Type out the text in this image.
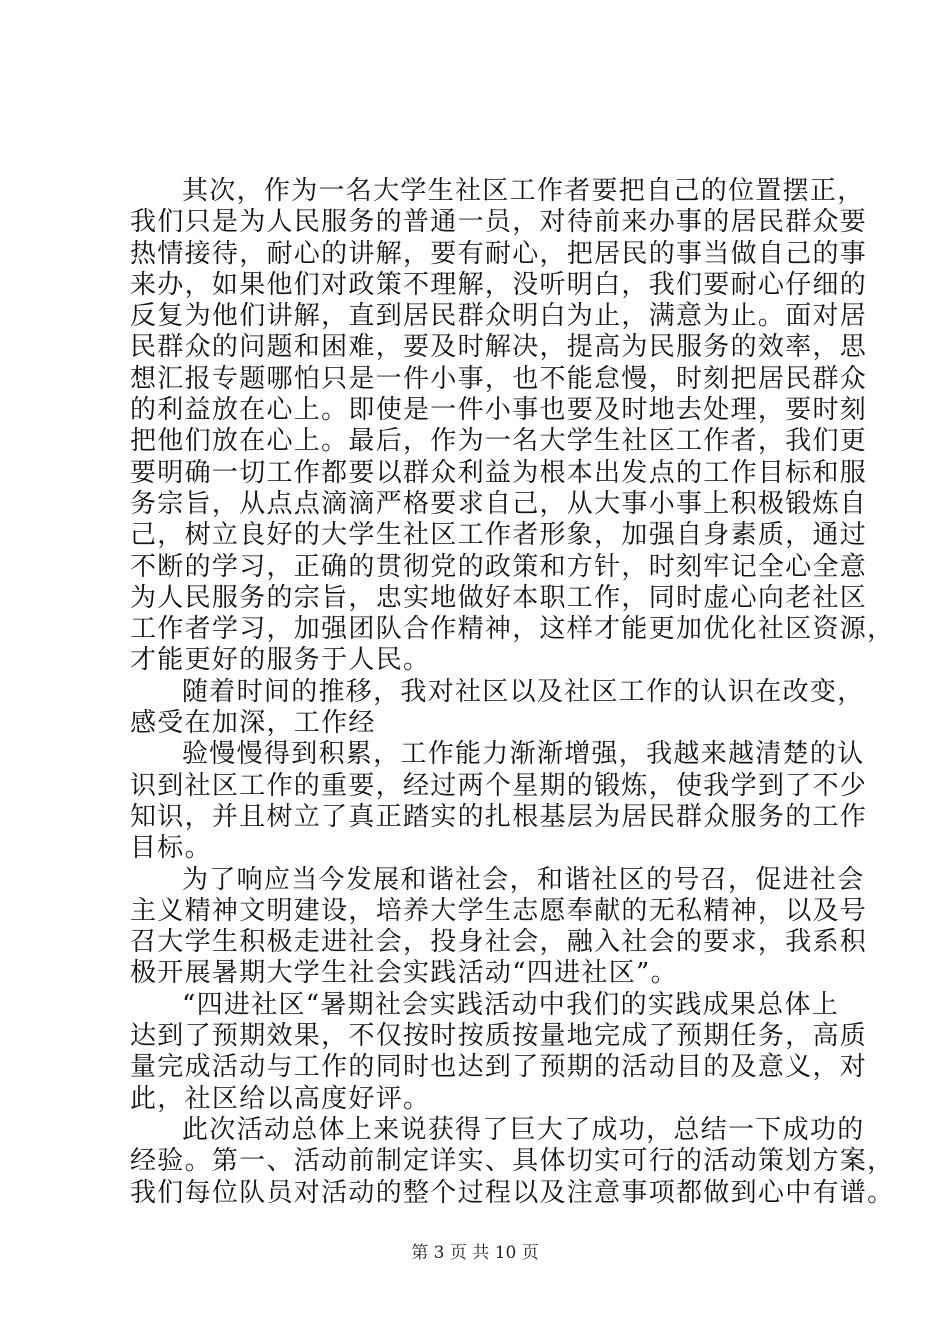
其次，作为一名大学生社区工作者要把自己的位置摆正，
我们只是为人民服务的普通一员，对待前来办事的居民群众要
热情接待，耐心的讲解，要有耐心，把居民的事当做自己的事
来办，如果他们对政策不理解，没听明白，我们要耐心仔细的
反复为他们讲解，直到居民群众明白为止，满意为止。面对居
民群众的问题和困难，要及时解决，提高为民服务的效率，思
想汇报专题哪怕只是一件小事，也不能怠慢，时刻把居民群众
的利益放在心上。即使是一件小事也要及时地去处理，要时刻
把他们放在心上。最后，作为一名大学生社区工作者，我们更
要明确一切工作都要以群众利益为根本出发点的工作目标和服
务宗旨，从点点滴滴严格要求自己，从大事小事上积极锻炼自
己，树立良好的大学生社区工作者形象，加强自身素质，通过
不断的学习，正确的贯彻党的政策和方针，时刻牢记全心全意
为人民服务的宗旨，忠实地做好本职工作，同时虚心向老社区
工作者学习，加强团队合作精神，这样才能更加优化社区资源，
才能更好的服务于人民。
随着时间的推移，我对社区以及社区工作的认识在改变，
感受在加深，工作经
验慢慢得到积累，工作能力渐渐增强，我越来越清楚的认
识到社区工作的重要，经过两个星期的锻炼，使我学到了不少
知识，并且树立了真正踏实的扎根基层为居民群众服务的工作
目标。
为了响应当今发展和谐社会，和谐社区的号召，促进社会
主义精神文明建设，培养大学生志愿奉献的无私精神，以及号
召大学生积极走进社会，投身社会，融入社会的要求，我系积
极开展暑期大学生社会实践活动“四进社区”。
“四进社区“暑期社会实践活动中我们的实践成果总体上
达到了预期效果，不仅按时按质按量地完成了预期任务，高质
量完成活动与工作的同时也达到了预期的活动目的及意义，对
此，社区给以高度好评。
此次活动总体上来说获得了巨大了成功，总结一下成功的
经验。第一、活动前制定详实、具体切实可行的活动策划方案，
我们每位队员对活动的整个过程以及注意事项都做到心中有谱。
第 3 页 共 10 页
